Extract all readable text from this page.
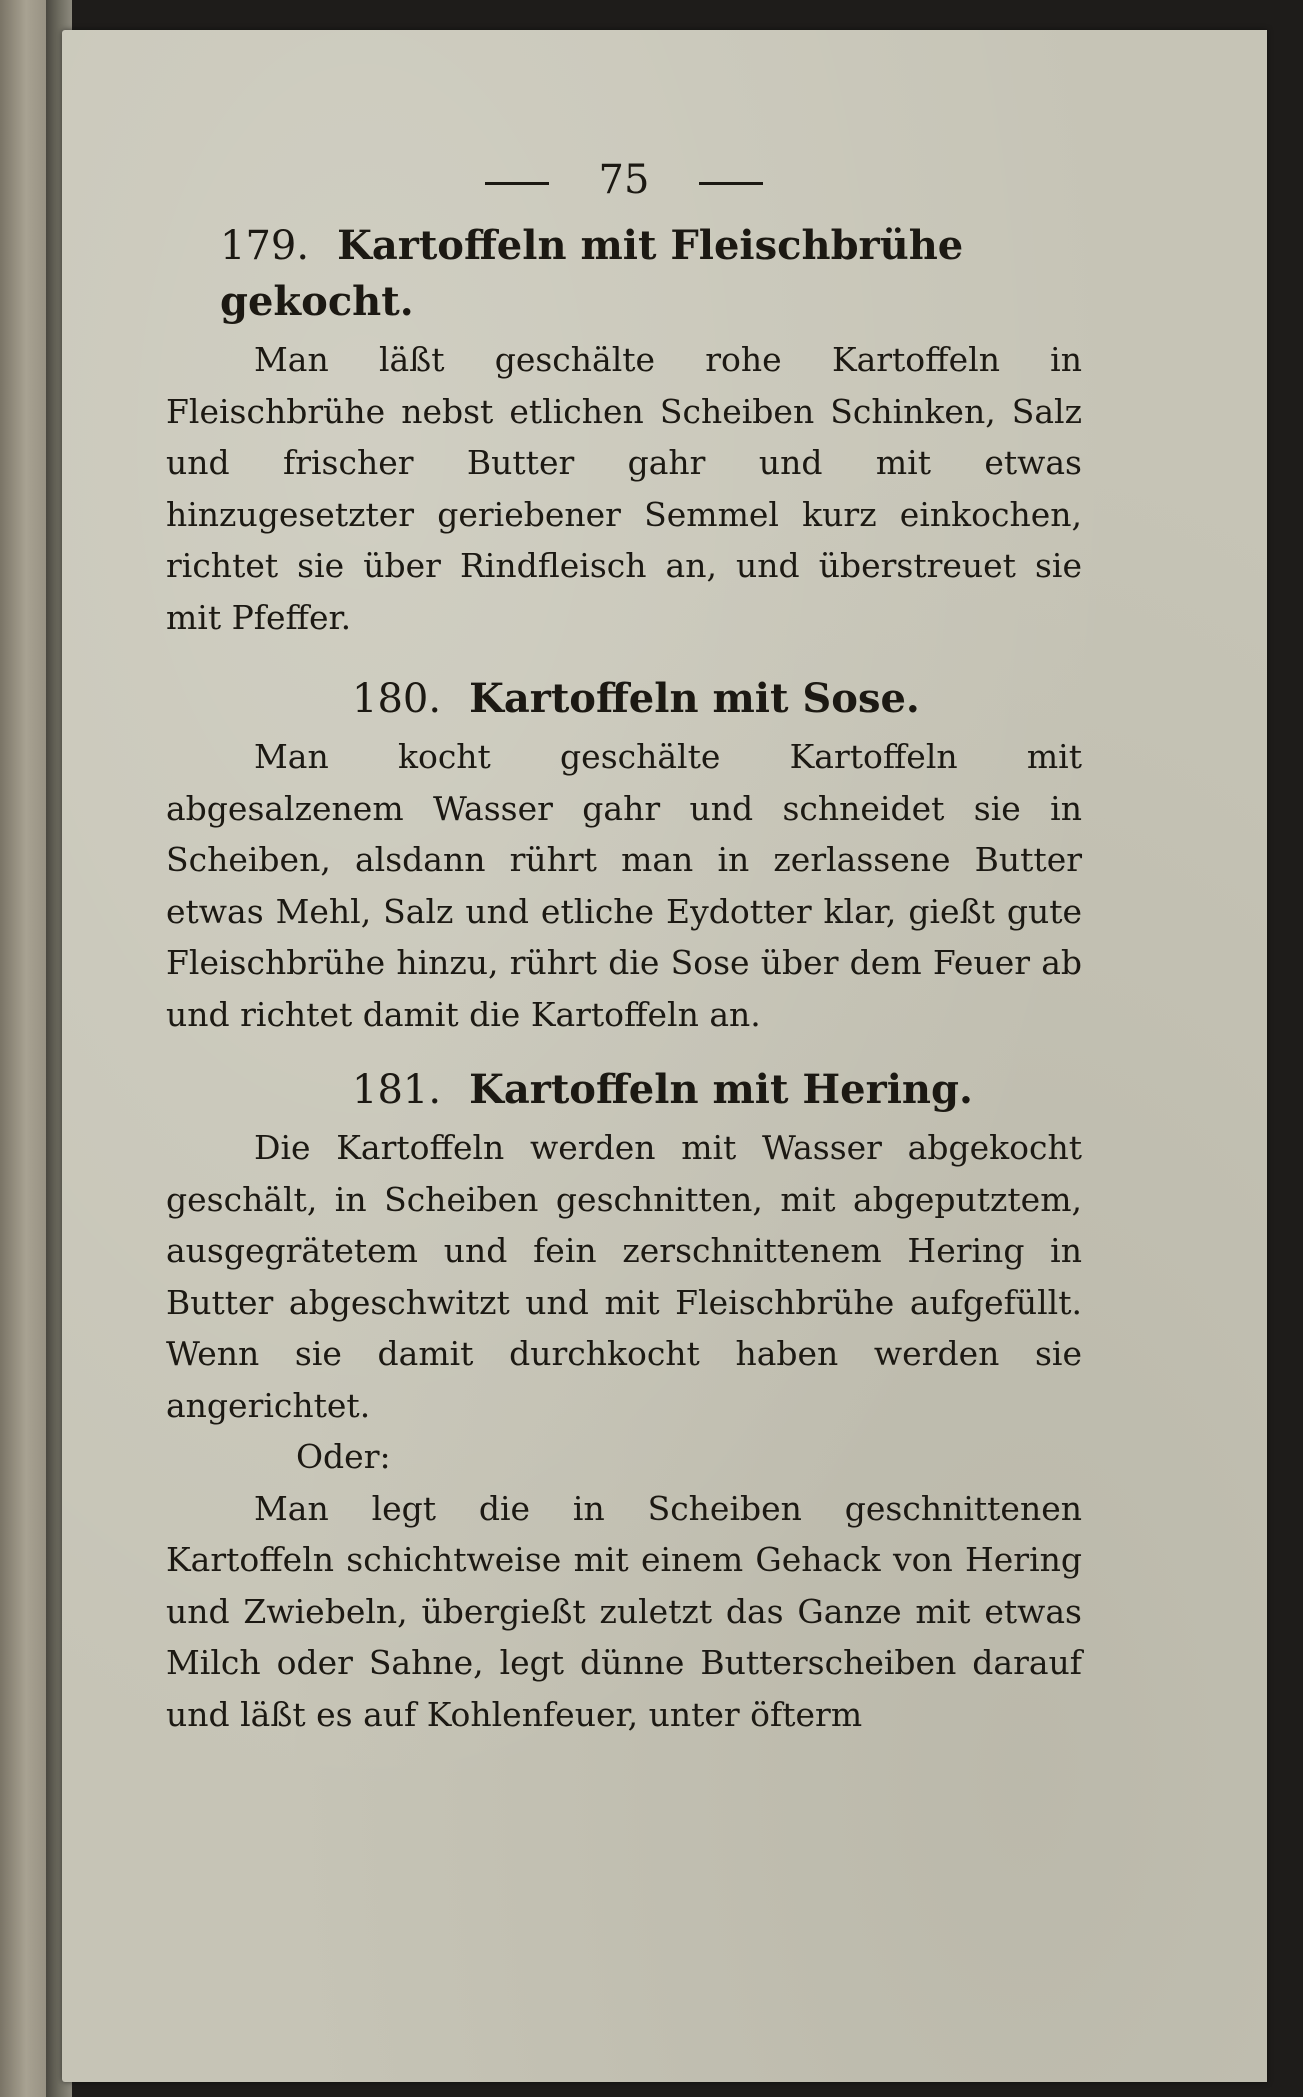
75
179. Kartoffeln mit Fleischbrühe gekocht.

Man läßt geschälte rohe Kartoffeln in Fleischbrühe nebst etlichen Scheiben Schinken, Salz und frischer Butter gahr und mit etwas hinzugesetzter geriebener Semmel kurz einkochen, richtet sie über Rindfleisch an, und überstreuet sie mit Pfeffer.

180. Kartoffeln mit Sose.

Man kocht geschälte Kartoffeln mit abgesalzenem Wasser gahr und schneidet sie in Scheiben, alsdann rührt man in zerlassene Butter etwas Mehl, Salz und etliche Eydotter klar, gießt gute Fleischbrühe hinzu, rührt die Sose über dem Feuer ab und richtet damit die Kartoffeln an.

181. Kartoffeln mit Hering.

Die Kartoffeln werden mit Wasser abgekocht geschält, in Scheiben geschnitten, mit abgeputztem, ausgegrätetem und fein zerschnittenem Hering in Butter abgeschwitzt und mit Fleischbrühe aufgefüllt. Wenn sie damit durchkocht haben werden sie angerichtet.

Oder:

Man legt die in Scheiben geschnittenen Kartoffeln schichtweise mit einem Gehack von Hering und Zwiebeln, übergießt zuletzt das Ganze mit etwas Milch oder Sahne, legt dünne Butterscheiben darauf und läßt es auf Kohlenfeuer, unter öfterm
